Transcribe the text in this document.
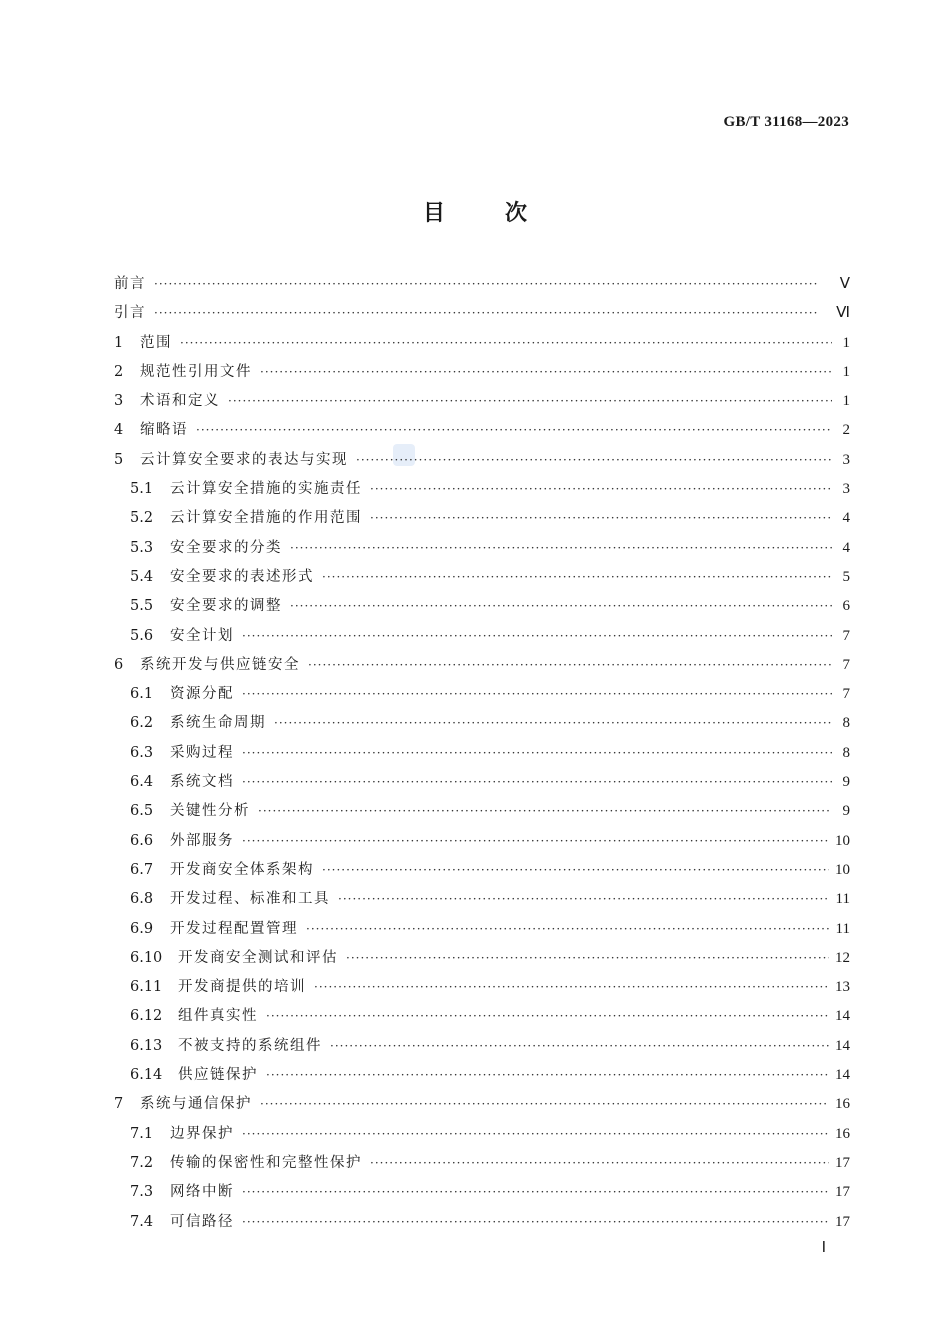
GB/T 31168—2023
目	次
前言 ·····	Ⅴ
引言 ·····	Ⅵ
1	范围 ·····	1
2	规范性引用文件 ·····	1
3	术语和定义 ·····	1
4	缩略语 ·····	2
5	云计算安全要求的表达与实现 ·····	3
5.1	云计算安全措施的实施责任 ·····	3
5.2	云计算安全措施的作用范围 ·····	4
5.3	安全要求的分类 ·····	4
5.4	安全要求的表述形式 ·····	5
5.5	安全要求的调整 ·····	6
5.6	安全计划 ·····	7
6	系统开发与供应链安全 ·····	7
6.1	资源分配 ·····	7
6.2	系统生命周期 ·····	8
6.3	采购过程 ·····	8
6.4	系统文档 ·····	9
6.5	关键性分析 ·····	9
6.6	外部服务 ·····	10
6.7	开发商安全体系架构 ·····	10
6.8	开发过程、标准和工具 ·····	11
6.9	开发过程配置管理 ·····	11
6.10	开发商安全测试和评估 ·····	12
6.11	开发商提供的培训 ·····	13
6.12	组件真实性 ·····	14
6.13	不被支持的系统组件 ·····	14
6.14	供应链保护 ·····	14
7	系统与通信保护 ·····	16
7.1	边界保护 ·····	16
7.2	传输的保密性和完整性保护 ·····	17
7.3	网络中断 ·····	17
7.4	可信路径 ·····	17
Ⅰ
